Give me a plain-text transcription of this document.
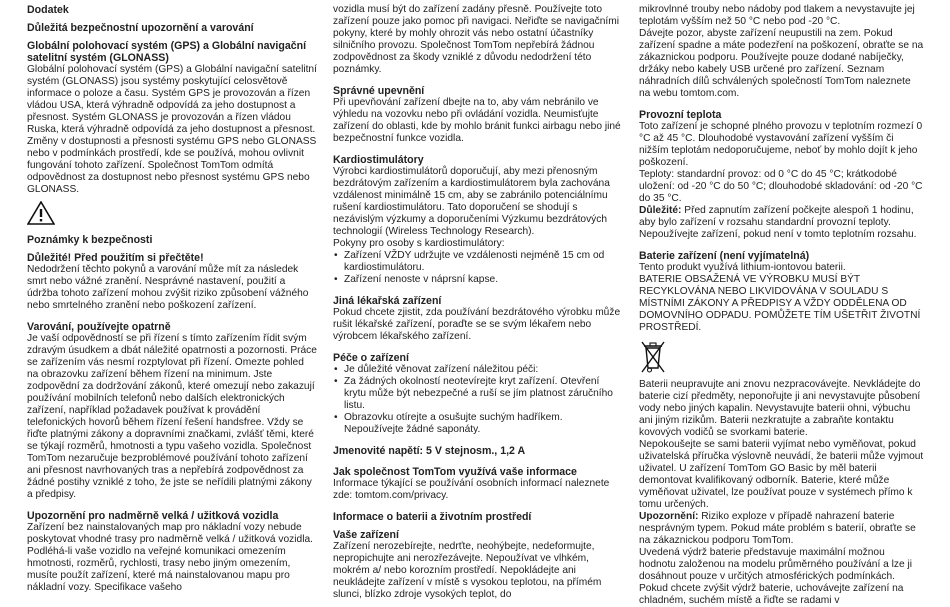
Dodatek
Důležitá bezpečnostní upozornění a varování
Globální polohovací systém (GPS) a Globální navigační satelitní systém (GLONASS)

Globální polohovací systém (GPS) a Globální navigační satelitní systém (GLONASS) jsou systémy poskytující celosvětově informace o poloze a času. Systém GPS je provozován a řízen vládou USA, která výhradně odpovídá za jeho dostupnost a přesnost. Systém GLONASS je provozován a řízen vládou Ruska, která výhradně odpovídá za jeho dostupnost a přesnost. Změny v dostupnosti a přesnosti systému GPS nebo GLONASS nebo v podmínkách prostředí, kde se používá, mohou ovlivnit fungování tohoto zařízení. Společnost TomTom odmítá odpovědnost za dostupnost nebo přesnost systému GPS nebo GLONASS.

Poznámky k bezpečnosti
Důležité! Před použitím si přečtěte!

Nedodržení těchto pokynů a varování může mít za následek smrt nebo vážné zranění. Nesprávné nastavení, použití a údržba tohoto zařízení mohou zvýšit riziko způsobení vážného nebo smrtelného zranění nebo poškození zařízení.

Varování, používejte opatrně

Je vaší odpovědností se při řízení s tímto zařízením řídit svým zdravým úsudkem a dbát náležité opatrnosti a pozornosti. Práce se zařízením vás nesmí rozptylovat při řízení. Omezte pohled na obrazovku zařízení během řízení na minimum. Jste zodpovědní za dodržování zákonů, které omezují nebo zakazují používání mobilních telefonů nebo dalších elektronických zařízení, například požadavek používat k provádění telefonických hovorů během řízení řešení handsfree. Vždy se řiďte platnými zákony a dopravními značkami, zvlášť těmi, které se týkají rozměrů, hmotnosti a typu vašeho vozidla. Společnost TomTom nezaručuje bezproblémové používání tohoto zařízení ani přesnost navrhovaných tras a nepřebírá zodpovědnost za žádné postihy vzniklé z toho, že jste se neřídili platnými zákony a předpisy.

Upozornění pro nadměrně velká / užitková vozidla

Zařízení bez nainstalovaných map pro nákladní vozy nebude poskytovat vhodné trasy pro nadměrně velká / užitková vozidla. Podléhá-li vaše vozidlo na veřejné komunikaci omezením hmotnosti, rozměrů, rychlosti, trasy nebo jiným omezením, musíte použít zařízení, které má nainstalovanou mapu pro nákladní vozy. Specifikace vašeho

vozidla musí být do zařízení zadány přesně. Používejte toto zařízení pouze jako pomoc při navigaci. Neřiďte se navigačními pokyny, které by mohly ohrozit vás nebo ostatní účastníky silničního provozu. Společnost TomTom nepřebírá žádnou zodpovědnost za škody vzniklé z důvodu nedodržení této poznámky.

Správné upevnění

Při upevňování zařízení dbejte na to, aby vám nebránilo ve výhledu na vozovku nebo při ovládání vozidla. Neumisťujte zařízení do oblasti, kde by mohlo bránit funkci airbagu nebo jiné bezpečnostní funkce vozidla.

Kardiostimulátory

Výrobci kardiostimulátorů doporučují, aby mezi přenosným bezdrátovým zařízením a kardiostimulátorem byla zachována vzdálenost minimálně 15 cm, aby se zabránilo potenciálnímu rušení kardiostimulátoru. Tato doporučení se shodují s nezávislým výzkumy a doporučeními Výzkumu bezdrátových technologií (Wireless Technology Research).

Pokyny pro osoby s kardiostimulátory:

• Zařízení VŽDY udržujte ve vzdálenosti nejméně 15 cm od kardiostimulátoru.
• Zařízení nenoste v náprsní kapse.
Jiná lékařská zařízení

Pokud chcete zjistit, zda používání bezdrátového výrobku může rušit lékařské zařízení, poraďte se se svým lékařem nebo výrobcem lékařského zařízení.

Péče o zařízení
• Je důležité věnovat zařízení náležitou péči:
• Za žádných okolností neotevírejte kryt zařízení. Otevření krytu může být nebezpečné a ruší se jím platnost záručního listu.
• Obrazovku otírejte a osušujte suchým hadříkem. Nepoužívejte žádné saponáty.
Jmenovité napětí: 5 V stejnosm., 1,2 A
Jak společnost TomTom využívá vaše informace

Informace týkající se používání osobních informací naleznete zde: tomtom.com/privacy.

Informace o baterii a životním prostředí
Vaše zařízení

Zařízení nerozebírejte, nedrťte, neohýbejte, nedeformujte, nepropichujte ani nerozřezávejte. Nepoužívat ve vlhkém, mokrém a/ nebo korozním prostředí. Nepokládejte ani neukládejte zařízení v místě s vysokou teplotou, na přímém slunci, blízko zdroje vysokých teplot, do

mikrovlnné trouby nebo nádoby pod tlakem a nevystavujte jej teplotám vyšším než 50 °C nebo pod -20 °C.

Dávejte pozor, abyste zařízení neupustili na zem. Pokud zařízení spadne a máte podezření na poškození, obraťte se na zákaznickou podporu. Používejte pouze dodané nabíječky, držáky nebo kabely USB určené pro zařízení. Seznam náhradních dílů schválených společností TomTom naleznete na webu tomtom.com.

Provozní teplota

Toto zařízení je schopné plného provozu v teplotním rozmezí 0 °C až 45 °C. Dlouhodobé vystavování zařízení vyšším či nižším teplotám nedoporučujeme, neboť by mohlo dojít k jeho poškození.

Teploty: standardní provoz: od 0 °C do 45 °C; krátkodobé uložení: od -20 °C do 50 °C; dlouhodobé skladování: od -20 °C do 35 °C.

Důležité: Před zapnutím zařízení počkejte alespoň 1 hodinu, aby bylo zařízení v rozsahu standardní provozní teploty. Nepoužívejte zařízení, pokud není v tomto teplotním rozsahu.

Baterie zařízení (není vyjímatelná)

Tento produkt využívá lithium-iontovou baterii.

BATERIE OBSAŽENÁ VE VÝROBKU MUSÍ BÝT RECYKLOVÁNA NEBO LIKVIDOVÁNA V SOULADU S MÍSTNÍMI ZÁKONY A PŘEDPISY A VŽDY ODDĚLENA OD DOMOVNÍHO ODPADU. POMŮŽETE TÍM UŠETŘIT ŽIVOTNÍ PROSTŘEDÍ.

Baterii neupravujte ani znovu nezpracovávejte. Nevkládejte do baterie cizí předměty, neponořujte ji ani nevystavujte působení vody nebo jiných kapalin. Nevystavujte baterii ohni, výbuchu ani jiným rizikům. Baterii nezkratujte a zabraňte kontaktu kovových vodičů se svorkami baterie.

Nepokoušejte se sami baterii vyjímat nebo vyměňovat, pokud uživatelská příručka výslovně neuvádí, že baterii může vyjmout uživatel. U zařízení TomTom GO Basic by měl baterii demontovat kvalifikovaný odborník. Baterie, které může vyměňovat uživatel, lze používat pouze v systémech přímo k tomu určených.

Upozornění: Riziko exploze v případě nahrazení baterie nesprávným typem. Pokud máte problém s baterií, obraťte se na zákaznickou podporu TomTom.

Uvedená výdrž baterie představuje maximální možnou hodnotu založenou na modelu průměrného používání a lze ji dosáhnout pouze v určitých atmosférických podmínkách. Pokud chcete zvýšit výdrž baterie, uchovávejte zařízení na chladném, suchém místě a řiďte se radami v
